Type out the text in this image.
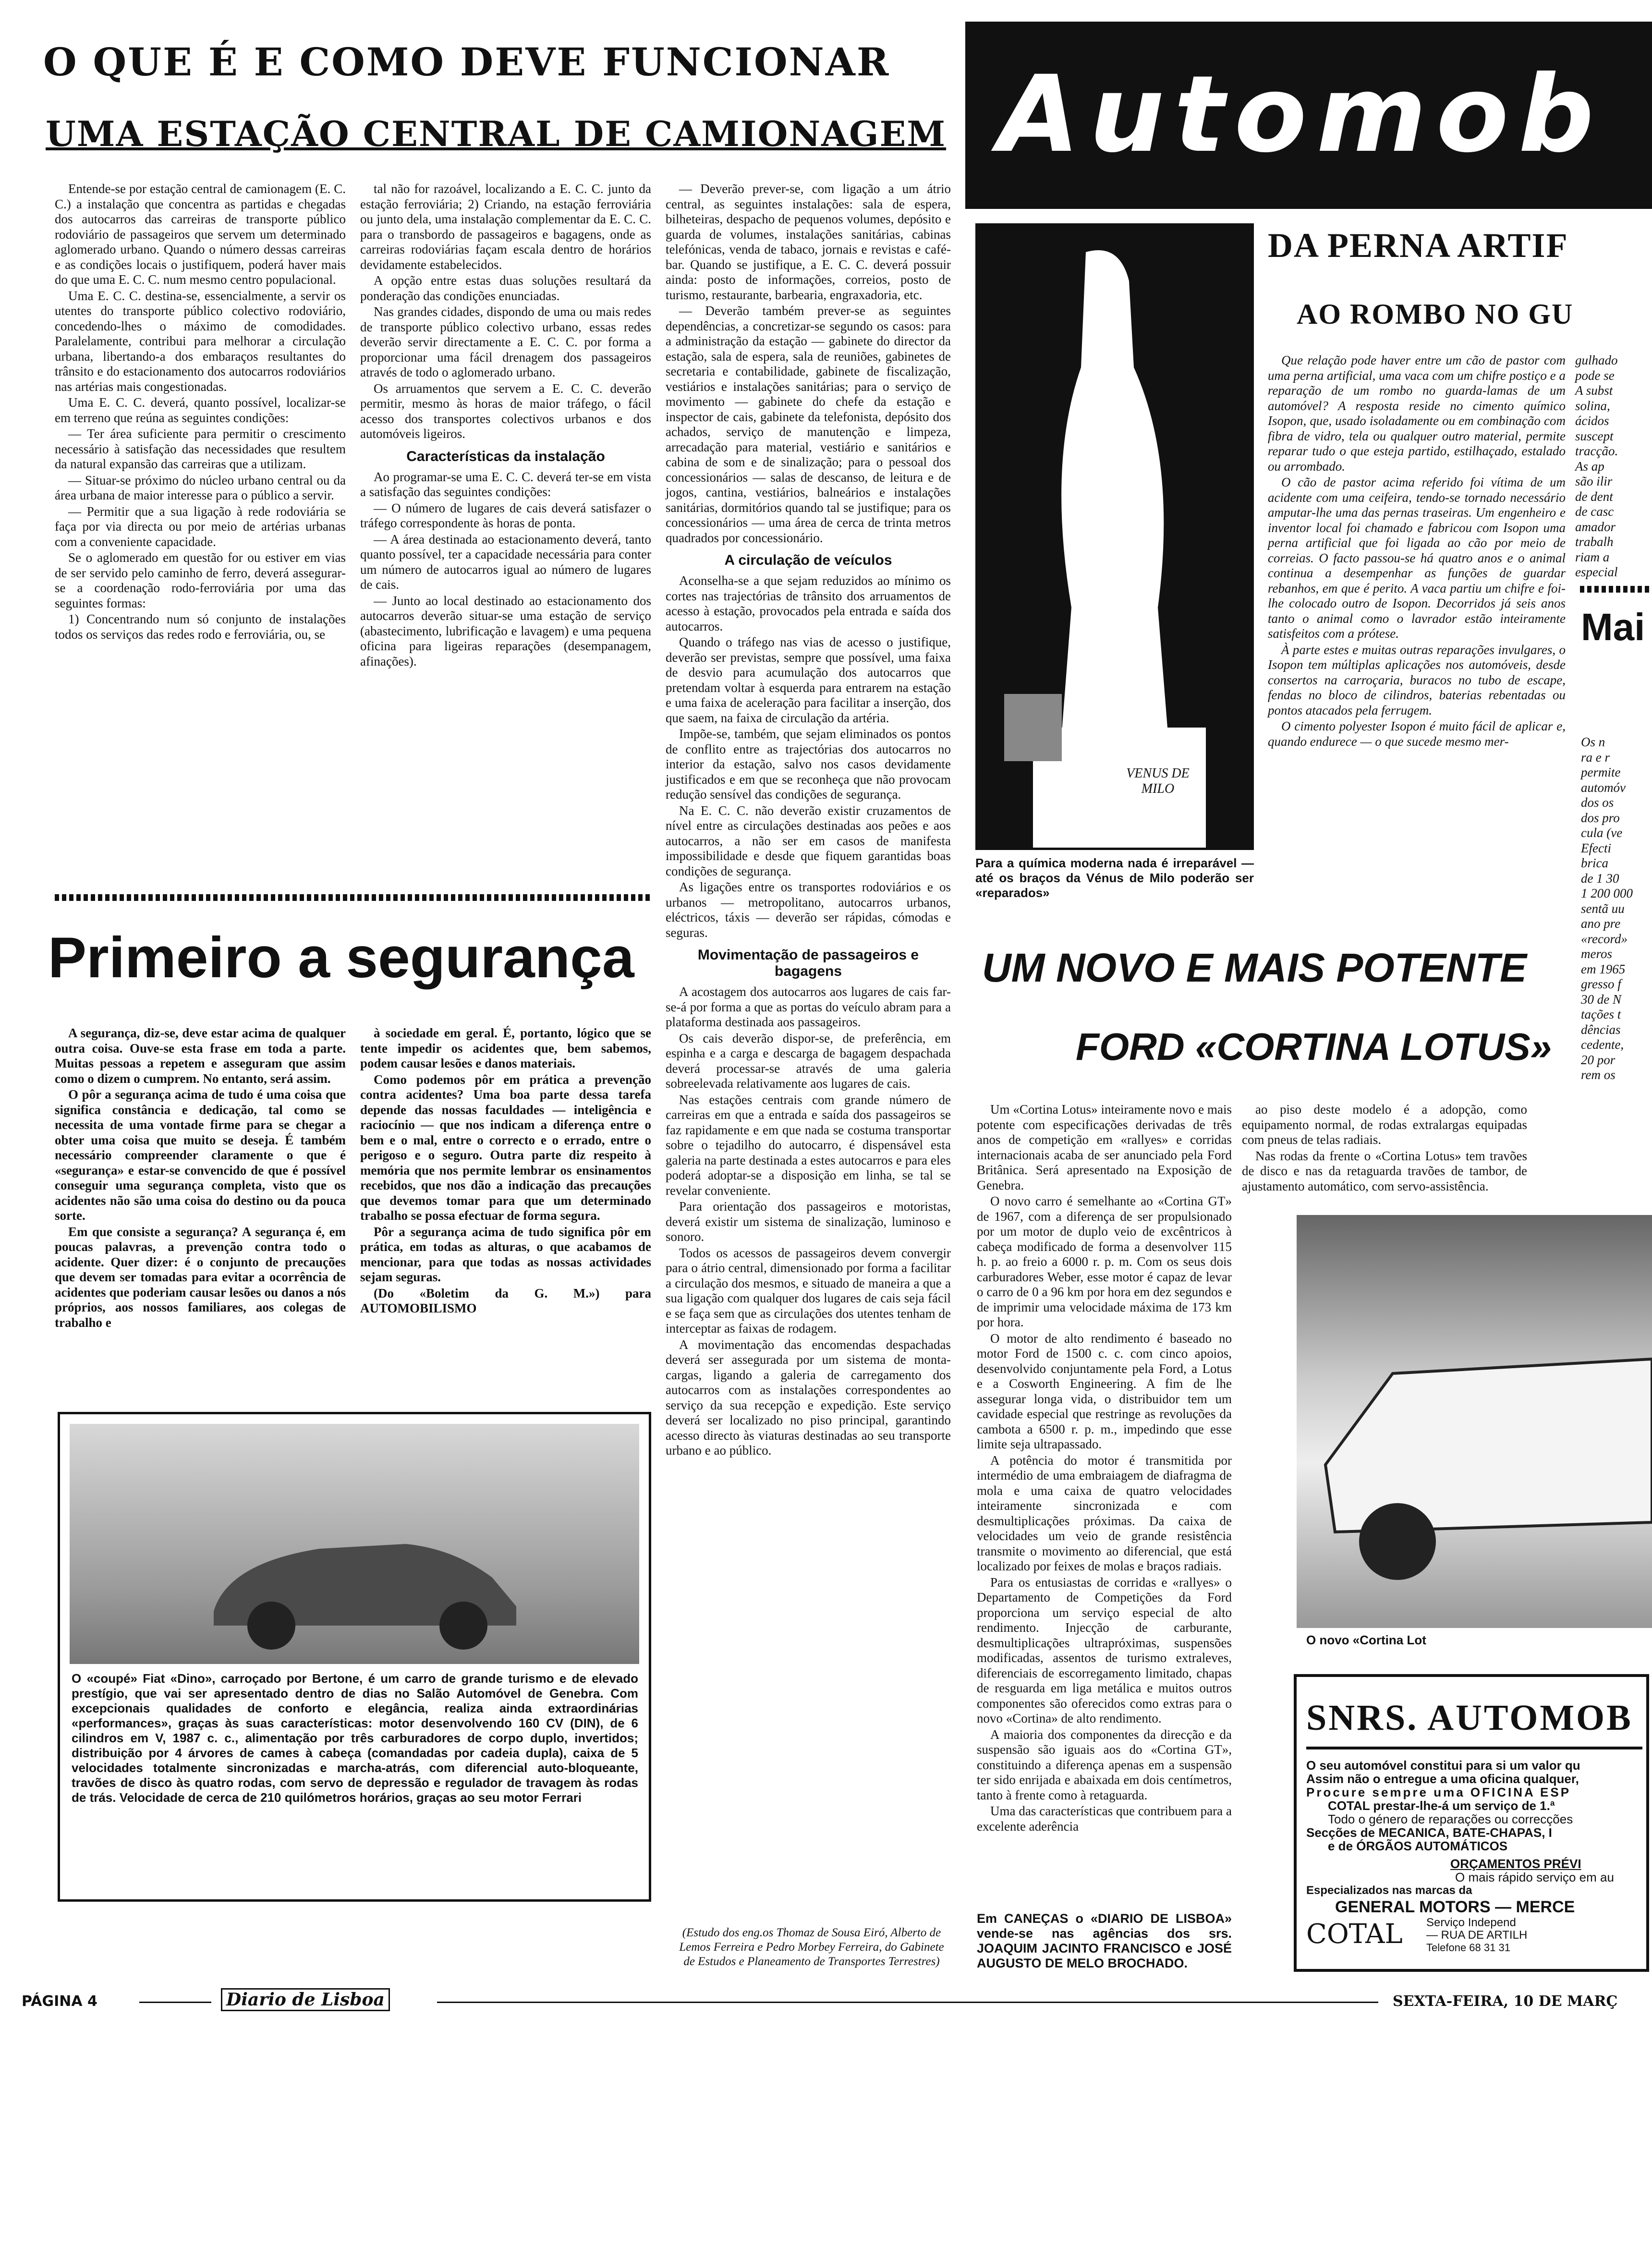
O QUE É E COMO DEVE FUNCIONAR
UMA ESTAÇÃO CENTRAL DE CAMIONAGEM

Entende-se por estação central de camionagem (E. C. C.) a instalação que concentra as partidas e chegadas dos autocarros das carreiras de transporte público rodoviário de passageiros que servem um determinado aglomerado urbano. Quando o número dessas carreiras e as condições locais o justifiquem, poderá haver mais do que uma E. C. C. num mesmo centro populacional.

Uma E. C. C. destina-se, essencialmente, a servir os utentes do transporte público colectivo rodoviário, concedendo-lhes o máximo de comodidades. Paralelamente, contribui para melhorar a circulação urbana, libertando-a dos embaraços resultantes do trânsito e do estacionamento dos autocarros rodoviários nas artérias mais congestionadas.

Uma E. C. C. deverá, quanto possível, localizar-se em terreno que reúna as seguintes condições:

— Ter área suficiente para permitir o crescimento necessário à satisfação das necessidades que resultem da natural expansão das carreiras que a utilizam.

— Situar-se próximo do núcleo urbano central ou da área urbana de maior interesse para o público a servir.

— Permitir que a sua ligação à rede rodoviária se faça por via directa ou por meio de artérias urbanas com a conveniente capacidade.

Se o aglomerado em questão for ou estiver em vias de ser servido pelo caminho de ferro, deverá assegurar-se a coordenação rodo-ferroviária por uma das seguintes formas:

1) Concentrando num só conjunto de instalações todos os serviços das redes rodo e ferroviária, ou, se

tal não for razoável, localizando a E. C. C. junto da estação ferroviária; 2) Criando, na estação ferroviária ou junto dela, uma instalação complementar da E. C. C. para o transbordo de passageiros e bagagens, onde as carreiras rodoviárias façam escala dentro de horários devidamente estabelecidos.

A opção entre estas duas soluções resultará da ponderação das condições enunciadas.

Nas grandes cidades, dispondo de uma ou mais redes de transporte público colectivo urbano, essas redes deverão servir directamente a E. C. C. por forma a proporcionar uma fácil drenagem dos passageiros através de todo o aglomerado urbano.

Os arruamentos que servem a E. C. C. deverão permitir, mesmo às horas de maior tráfego, o fácil acesso dos transportes colectivos urbanos e dos automóveis ligeiros.

Características da instalação

Ao programar-se uma E. C. C. deverá ter-se em vista a satisfação das seguintes condições:

— O número de lugares de cais deverá satisfazer o tráfego correspondente às horas de ponta.

— A área destinada ao estacionamento deverá, tanto quanto possível, ter a capacidade necessária para conter um número de autocarros igual ao número de lugares de cais.

— Junto ao local destinado ao estacionamento dos autocarros deverão situar-se uma estação de serviço (abastecimento, lubrificação e lavagem) e uma pequena oficina para ligeiras reparações (desempanagem, afinações).

— Deverão prever-se, com ligação a um átrio central, as seguintes instalações: sala de espera, bilheteiras, despacho de pequenos volumes, depósito e guarda de volumes, instalações sanitárias, cabinas telefónicas, venda de tabaco, jornais e revistas e café-bar. Quando se justifique, a E. C. C. deverá possuir ainda: posto de informações, correios, posto de turismo, restaurante, barbearia, engraxadoria, etc.

— Deverão também prever-se as seguintes dependências, a concretizar-se segundo os casos: para a administração da estação — gabinete do director da estação, sala de espera, sala de reuniões, gabinetes de secretaria e contabilidade, gabinete de fiscalização, vestiários e instalações sanitárias; para o serviço de movimento — gabinete do chefe da estação e inspector de cais, gabinete da telefonista, depósito dos achados, serviço de manutenção e limpeza, arrecadação para material, vestiário e sanitários e cabina de som e de sinalização; para o pessoal dos concessionários — salas de descanso, de leitura e de jogos, cantina, vestiários, balneários e instalações sanitárias, dormitórios quando tal se justifique; para os concessionários — uma área de cerca de trinta metros quadrados por concessionário.

A circulação de veículos

Aconselha-se a que sejam reduzidos ao mínimo os cortes nas trajectórias de trânsito dos arruamentos de acesso à estação, provocados pela entrada e saída dos autocarros.

Quando o tráfego nas vias de acesso o justifique, deverão ser previstas, sempre que possível, uma faixa de desvio para acumulação dos autocarros que pretendam voltar à esquerda para entrarem na estação e uma faixa de aceleração para facilitar a inserção, dos que saem, na faixa de circulação da artéria.

Impõe-se, também, que sejam eliminados os pontos de conflito entre as trajectórias dos autocarros no interior da estação, salvo nos casos devidamente justificados e em que se reconheça que não provocam redução sensível das condições de segurança.

Na E. C. C. não deverão existir cruzamentos de nível entre as circulações destinadas aos peões e aos autocarros, a não ser em casos de manifesta impossibilidade e desde que fiquem garantidas boas condições de segurança.

As ligações entre os transportes rodoviários e os urbanos — metropolitano, autocarros urbanos, eléctricos, táxis — deverão ser rápidas, cómodas e seguras.

Movimentação de passageiros e bagagens

A acostagem dos autocarros aos lugares de cais far-se-á por forma a que as portas do veículo abram para a plataforma destinada aos passageiros.

Os cais deverão dispor-se, de preferência, em espinha e a carga e descarga de bagagem despachada deverá processar-se através de uma galeria sobreelevada relativamente aos lugares de cais.

Nas estações centrais com grande número de carreiras em que a entrada e saída dos passageiros se faz rapidamente e em que nada se costuma transportar sobre o tejadilho do autocarro, é dispensável esta galeria na parte destinada a estes autocarros e para eles poderá adoptar-se a disposição em linha, se tal se revelar conveniente.

Para orientação dos passageiros e motoristas, deverá existir um sistema de sinalização, luminoso e sonoro.

Todos os acessos de passageiros devem convergir para o átrio central, dimensionado por forma a facilitar a circulação dos mesmos, e situado de maneira a que a sua ligação com qualquer dos lugares de cais seja fácil e se faça sem que as circulações dos utentes tenham de interceptar as faixas de rodagem.

A movimentação das encomendas despachadas deverá ser assegurada por um sistema de monta-cargas, ligando a galeria de carregamento dos autocarros com as instalações correspondentes ao serviço da sua recepção e expedição. Este serviço deverá ser localizado no piso principal, garantindo acesso directo às viaturas destinadas ao seu transporte urbano e ao público.

(Estudo dos eng.os Thomaz de Sousa Eiró, Alberto de Lemos Ferreira e Pedro Morbey Ferreira, do Gabinete de Estudos e Planeamento de Transportes Terrestres)
Primeiro a segurança

A segurança, diz-se, deve estar acima de qualquer outra coisa. Ouve-se esta frase em toda a parte. Muitas pessoas a repetem e asseguram que assim como o dizem o cumprem. No entanto, será assim.

O pôr a segurança acima de tudo é uma coisa que significa constância e dedicação, tal como se necessita de uma vontade firme para se chegar a obter uma coisa que muito se deseja. É também necessário compreender claramente o que é «segurança» e estar-se convencido de que é possível conseguir uma segurança completa, visto que os acidentes não são uma coisa do destino ou da pouca sorte.

Em que consiste a segurança? A segurança é, em poucas palavras, a prevenção contra todo o acidente. Quer dizer: é o conjunto de precauções que devem ser tomadas para evitar a ocorrência de acidentes que poderiam causar lesões ou danos a nós próprios, aos nossos familiares, aos colegas de trabalho e

à sociedade em geral. É, portanto, lógico que se tente impedir os acidentes que, bem sabemos, podem causar lesões e danos materiais.

Como podemos pôr em prática a prevenção contra acidentes? Uma boa parte dessa tarefa depende das nossas faculdades — inteligência e raciocínio — que nos indicam a diferença entre o bem e o mal, entre o correcto e o errado, entre o perigoso e o seguro. Outra parte diz respeito à memória que nos permite lembrar os ensinamentos recebidos, que nos dão a indicação das precauções que devemos tomar para que um determinado trabalho se possa efectuar de forma segura.

Pôr a segurança acima de tudo significa pôr em prática, em todas as alturas, o que acabamos de mencionar, para que todas as nossas actividades sejam seguras.

(Do «Boletim da G. M.») para AUTOMOBILISMO

O «coupé» Fiat «Dino», carroçado por Bertone, é um carro de grande turismo e de elevado prestígio, que vai ser apresentado dentro de dias no Salão Automóvel de Genebra. Com excepcionais qualidades de conforto e elegância, realiza ainda extraordinárias «performances», graças às suas características: motor desenvolvendo 160 CV (DIN), de 6 cilindros em V, 1987 c. c., alimentação por três carburadores de corpo duplo, invertidos; distribuição por 4 árvores de cames à cabeça (comandadas por cadeia dupla), caixa de 5 velocidades totalmente sincronizadas e marcha-atrás, com diferencial auto-bloqueante, travões de disco às quatro rodas, com servo de depressão e regulador de travagem às rodas de trás. Velocidade de cerca de 210 quilómetros horários, graças ao seu motor Ferrari
Automob
VENUS DE MILO
Para a química moderna nada é irreparável — até os braços da Vénus de Milo poderão ser «reparados»
DA PERNA ARTIF
AO ROMBO NO GU

Que relação pode haver entre um cão de pastor com uma perna artificial, uma vaca com um chifre postiço e a reparação de um rombo no guarda-lamas de um automóvel? A resposta reside no cimento químico Isopon, que, usado isoladamente ou em combinação com fibra de vidro, tela ou qualquer outro material, permite reparar tudo o que esteja partido, estilhaçado, estalado ou arrombado.

O cão de pastor acima referido foi vítima de um acidente com uma ceifeira, tendo-se tornado necessário amputar-lhe uma das pernas traseiras. Um engenheiro e inventor local foi chamado e fabricou com Isopon uma perna artificial que foi ligada ao cão por meio de correias. O facto passou-se há quatro anos e o animal continua a desempenhar as funções de guardar rebanhos, em que é perito. A vaca partiu um chifre e foi-lhe colocado outro de Isopon. Decorridos já seis anos tanto o animal como o lavrador estão inteiramente satisfeitos com a prótese.

À parte estes e muitas outras reparações invulgares, o Isopon tem múltiplas aplicações nos automóveis, desde consertos na carroçaria, buracos no tubo de escape, fendas no bloco de cilindros, baterias rebentadas ou pontos atacados pela ferrugem.

O cimento polyester Isopon é muito fácil de aplicar e, quando endurece — o que sucede mesmo mer-

gulhado
pode se
A subst
solina,
ácidos
suscept
tracção.
As ap
são ilir
de dent
de casc
amador
trabalh
riam a
especial
Mai
Os n
ra e r
permite
automóv
dos os
dos pro
cula (ve
Efecti
brica
de 1 30
1 200 000
sentã uu
ano pre
«record»
meros
em 1965
gresso f
30 de N
tações t
dências
cedente,
20 por
rem os
UM NOVO E MAIS POTENTE
FORD «CORTINA LOTUS»

Um «Cortina Lotus» inteiramente novo e mais potente com especificações derivadas de três anos de competição em «rallyes» e corridas internacionais acaba de ser anunciado pela Ford Britânica. Será apresentado na Exposição de Genebra.

O novo carro é semelhante ao «Cortina GT» de 1967, com a diferença de ser propulsionado por um motor de duplo veio de excêntricos à cabeça modificado de forma a desenvolver 115 h. p. ao freio a 6000 r. p. m. Com os seus dois carburadores Weber, esse motor é capaz de levar o carro de 0 a 96 km por hora em dez segundos e de imprimir uma velocidade máxima de 173 km por hora.

O motor de alto rendimento é baseado no motor Ford de 1500 c. c. com cinco apoios, desenvolvido conjuntamente pela Ford, a Lotus e a Cosworth Engineering. A fim de lhe assegurar longa vida, o distribuidor tem um cavidade especial que restringe as revoluções da cambota a 6500 r. p. m., impedindo que esse limite seja ultrapassado.

A potência do motor é transmitida por intermédio de uma embraiagem de diafragma de mola e uma caixa de quatro velocidades inteiramente sincronizada e com desmultiplicações próximas. Da caixa de velocidades um veio de grande resistência transmite o movimento ao diferencial, que está localizado por feixes de molas e braços radiais.

Para os entusiastas de corridas e «rallyes» o Departamento de Competições da Ford proporciona um serviço especial de alto rendimento. Injecção de carburante, desmultiplicações ultrapróximas, suspensões modificadas, assentos de turismo extraleves, diferenciais de escorregamento limitado, chapas de resguarda em liga metálica e muitos outros componentes são oferecidos como extras para o novo «Cortina» de alto rendimento.

A maioria dos componentes da direcção e da suspensão são iguais aos do «Cortina GT», constituindo a diferença apenas em a suspensão ter sido enrijada e abaixada em dois centímetros, tanto à frente como à retaguarda.

Uma das características que contribuem para a excelente aderência

ao piso deste modelo é a adopção, como equipamento normal, de rodas extralargas equipadas com pneus de telas radiais.

Nas rodas da frente o «Cortina Lotus» tem travões de disco e nas da retaguarda travões de tambor, de ajustamento automático, com servo-assistência.

O novo «Cortina Lot
Em CANEÇAS o «DIARIO DE LISBOA» vende-se nas agências dos srs. JOAQUIM JACINTO FRANCISCO e JOSÉ AUGUSTO DE MELO BROCHADO.
SNRS. AUTOMOB
O seu automóvel constitui para si um valor qu
Assim não o entregue a uma oficina qualquer,
Procure sempre uma OFICINA ESP
COTAL prestar-lhe-á um serviço de 1.ª
Todo o género de reparações ou correcções
Secções de MECANICA, BATE-CHAPAS, I
e de ÓRGÃOS AUTOMÁTICOS
ORÇAMENTOS PRÉVI
O mais rápido serviço em au
Especializados nas marcas da
GENERAL MOTORS — MERCE
COTAL Serviço Independ
— RUA DE ARTILH
Telefone 68 31 31
PÁGINA 4	Diario de Lisboa	SEXTA-FEIRA, 10 DE MARÇ
